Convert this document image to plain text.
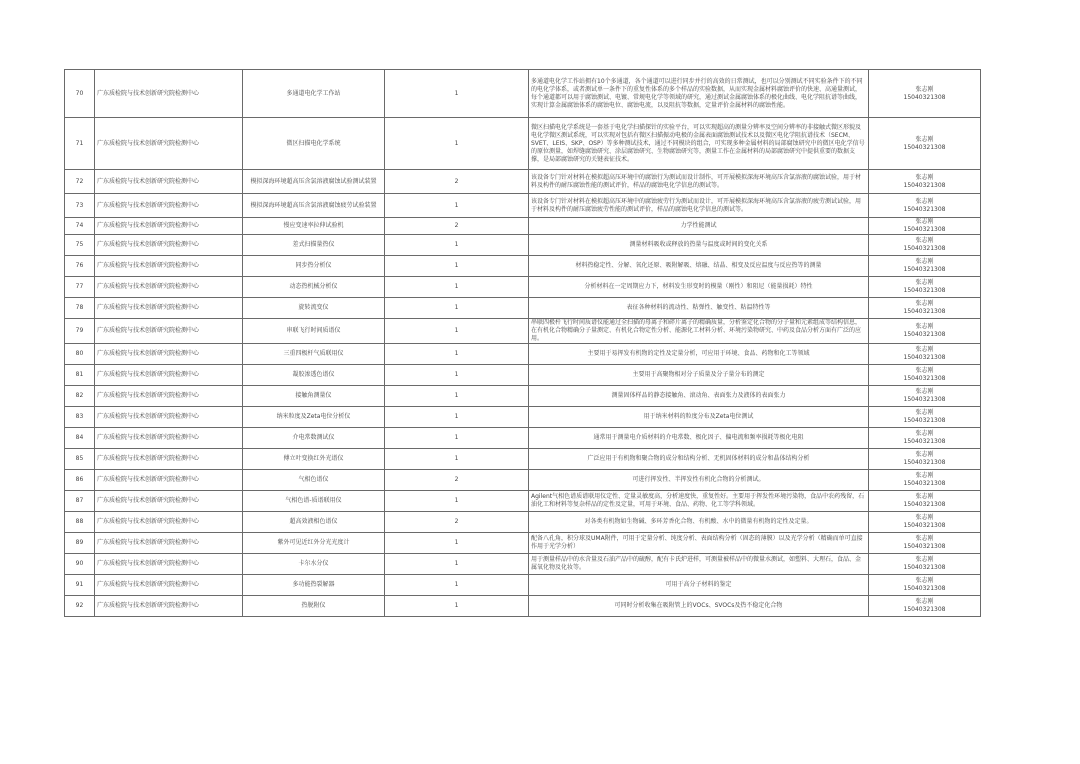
70	广东质检院与技术创新研究院检测中心	多通道电化学工作站	1	多通道电化学工作站拥有10个多通道，各个通道可以进行同步并行的高效的日常测试，也可以分别测试不同实验条件下的不同的电化学体系，或者测试单一条件下的重复性体系的多个样品的实验数据，从而实现金属材料腐蚀评价的快速、高通量测试，每个通道都可以用于腐蚀测试、电镀、常规电化学等领域的研究，通过测试金属腐蚀体系的极化曲线、电化学阻抗谱等曲线，实现计算金属腐蚀体系的腐蚀电位、腐蚀电流，以及阻抗等数据，定量评价金属材料的腐蚀性能。	张志刚
15040321308

71	广东质检院与技术创新研究院检测中心	微区扫描电化学系统	1	微区扫描电化学系统是一套基于电化学扫描探针的实验平台，可以实现超高的测量分辨率及空间分辨率的非接触式微区形貌及电化学微区测试系统，可以实现对包括有微区扫描振动电极的金属表面腐蚀测试技术以及微区电化学阻抗谱技术（SECM、SVET、LEIS、SKP、OSP）等多种测试技术，通过不同模块的组合，可实现多种金属材料的局部腐蚀研究中的微区电化学信号的原位测量，如焊缝腐蚀研究、涂层腐蚀研究、生物腐蚀研究等，测量工作在金属材料的局部腐蚀研究中提供重要的数据支撑，是局部腐蚀研究的关键表征技术。	张志刚
15040321308

72	广东质检院与技术创新研究院检测中心	模拟深海环境超高压含氯溶液腐蚀试验测试装置	2	该设备专门针对材料在模拟超高压环境中的腐蚀行为测试而设计制作，可开展模拟深海环境高压含氯溶液的腐蚀试验，用于材料及构件的耐压腐蚀性能的测试评价，样品的腐蚀电化学信息的测试等。	张志刚
15040321308

73	广东质检院与技术创新研究院检测中心	模拟深海环境超高压含氯溶液腐蚀疲劳试验装置	1	该设备专门针对材料在模拟超高压环境中的腐蚀疲劳行为测试而设计，可开展模拟深海环境高压含氯溶液的疲劳测试试验，用于材料及构件的耐压腐蚀疲劳性能的测试评价，样品的腐蚀电化学信息的测试等。	张志刚
15040321308

74	广东质检院与技术创新研究院检测中心	慢应变速率拉伸试验机	2	力学性能测试	张志刚
15040321308

75	广东质检院与技术创新研究院检测中心	差式扫描量热仪	1	测量材料吸收或释放的热量与温度或时间的变化关系	张志刚
15040321308

76	广东质检院与技术创新研究院检测中心	同步热分析仪	1	材料热稳定性、分解、氧化还原、吸附解吸、熔融、结晶、相变及反应温度与反应热等的测量	张志刚
15040321308

77	广东质检院与技术创新研究院检测中心	动态热机械分析仪	1	分析材料在一定周期应力下，材料发生形变时的模量（刚性）和阻尼（能量损耗）特性	张志刚
15040321308

78	广东质检院与技术创新研究院检测中心	旋转流变仪	1	表征各种材料的流动性、粘弹性、触变性、粘温特性等	张志刚
15040321308

79	广东质检院与技术创新研究院检测中心	串联飞行时间质谱仪	1	串联四极杆飞行时间质谱仪能通过全扫描的母离子和碎片离子的精确质量，分析鉴定化合物的分子量和元素组成等结构信息，在有机化合物精确分子量测定、有机化合物定性分析、能源化工材料分析、环境污染物研究、中药及食品分析方面有广泛的应用。	张志刚
15040321308

80	广东质检院与技术创新研究院检测中心	三重四极杆气质联用仪	1	主要用于易挥发有机物的定性及定量分析，可应用于环境、食品、药物和化工等领域	张志刚
15040321308

81	广东质检院与技术创新研究院检测中心	凝胶渗透色谱仪	1	主要用于高聚物相对分子质量及分子量分布的测定	张志刚
15040321308

82	广东质检院与技术创新研究院检测中心	接触角测量仪	1	测量固体样品的静态接触角、滚动角、表面张力及液体的表面张力	张志刚
15040321308

83	广东质检院与技术创新研究院检测中心	纳米粒度及Zeta电位分析仪	1	用于纳米材料的粒度分布及Zeta电位测试	张志刚
15040321308

84	广东质检院与技术创新研究院检测中心	介电常数测试仪	1	通常用于测量电介质材料的介电常数、极化因子、偏电流和频率损耗等极化电阻	张志刚
15040321308

85	广东质检院与技术创新研究院检测中心	傅立叶变换红外光谱仪	1	广泛应用于有机物和聚合物的成分和结构分析、无机固体材料的成分和晶体结构分析	张志刚
15040321308

86	广东质检院与技术创新研究院检测中心	气相色谱仪	2	可进行挥发性、半挥发性有机化合物的分析测试。	张志刚
15040321308

87	广东质检院与技术创新研究院检测中心	气相色谱-质谱联用仪	1	Agilent气相色谱质谱联用仪定性、定量灵敏度高，分析速度快，重复性好。主要用于挥发性环境污染物，食品中农药残留，石油化工和材料等复杂样品的定性及定量，可用于环境、食品、药物、化工等学科领域。	张志刚
15040321308

88	广东质检院与技术创新研究院检测中心	超高效液相色谱仪	2	对各类有机物如生物碱、多环芳香化合物、有机酸、水中的微量有机物的定性及定量。	张志刚
15040321308

89	广东质检院与技术创新研究院检测中心	紫外可见近红外分光光度计	1	配备八孔角，积分球及UMA附件，可用于定量分析、纯度分析、表面结构分析（固态的薄膜）以及光学分析（精确而单可直接作用于光学分析）	张志刚
15040321308

90	广东质检院与技术创新研究院检测中心	卡尔水分仪	1	用于测量样品中的水含量及石油产品中的硫醇，配有卡氏炉进样，可测量被样品中的微量水测试，如塑料、大理石，食品、金属氧化物及化妆等。	张志刚
15040321308

91	广东质检院与技术创新研究院检测中心	多功能热裂解器	1	可用于高分子材料的鉴定	张志刚
15040321308

92	广东质检院与技术创新研究院检测中心	热脱附仪	1	可同时分析收集在吸附管上的VOCs、SVOCs及热不稳定化合物	张志刚
15040321308
